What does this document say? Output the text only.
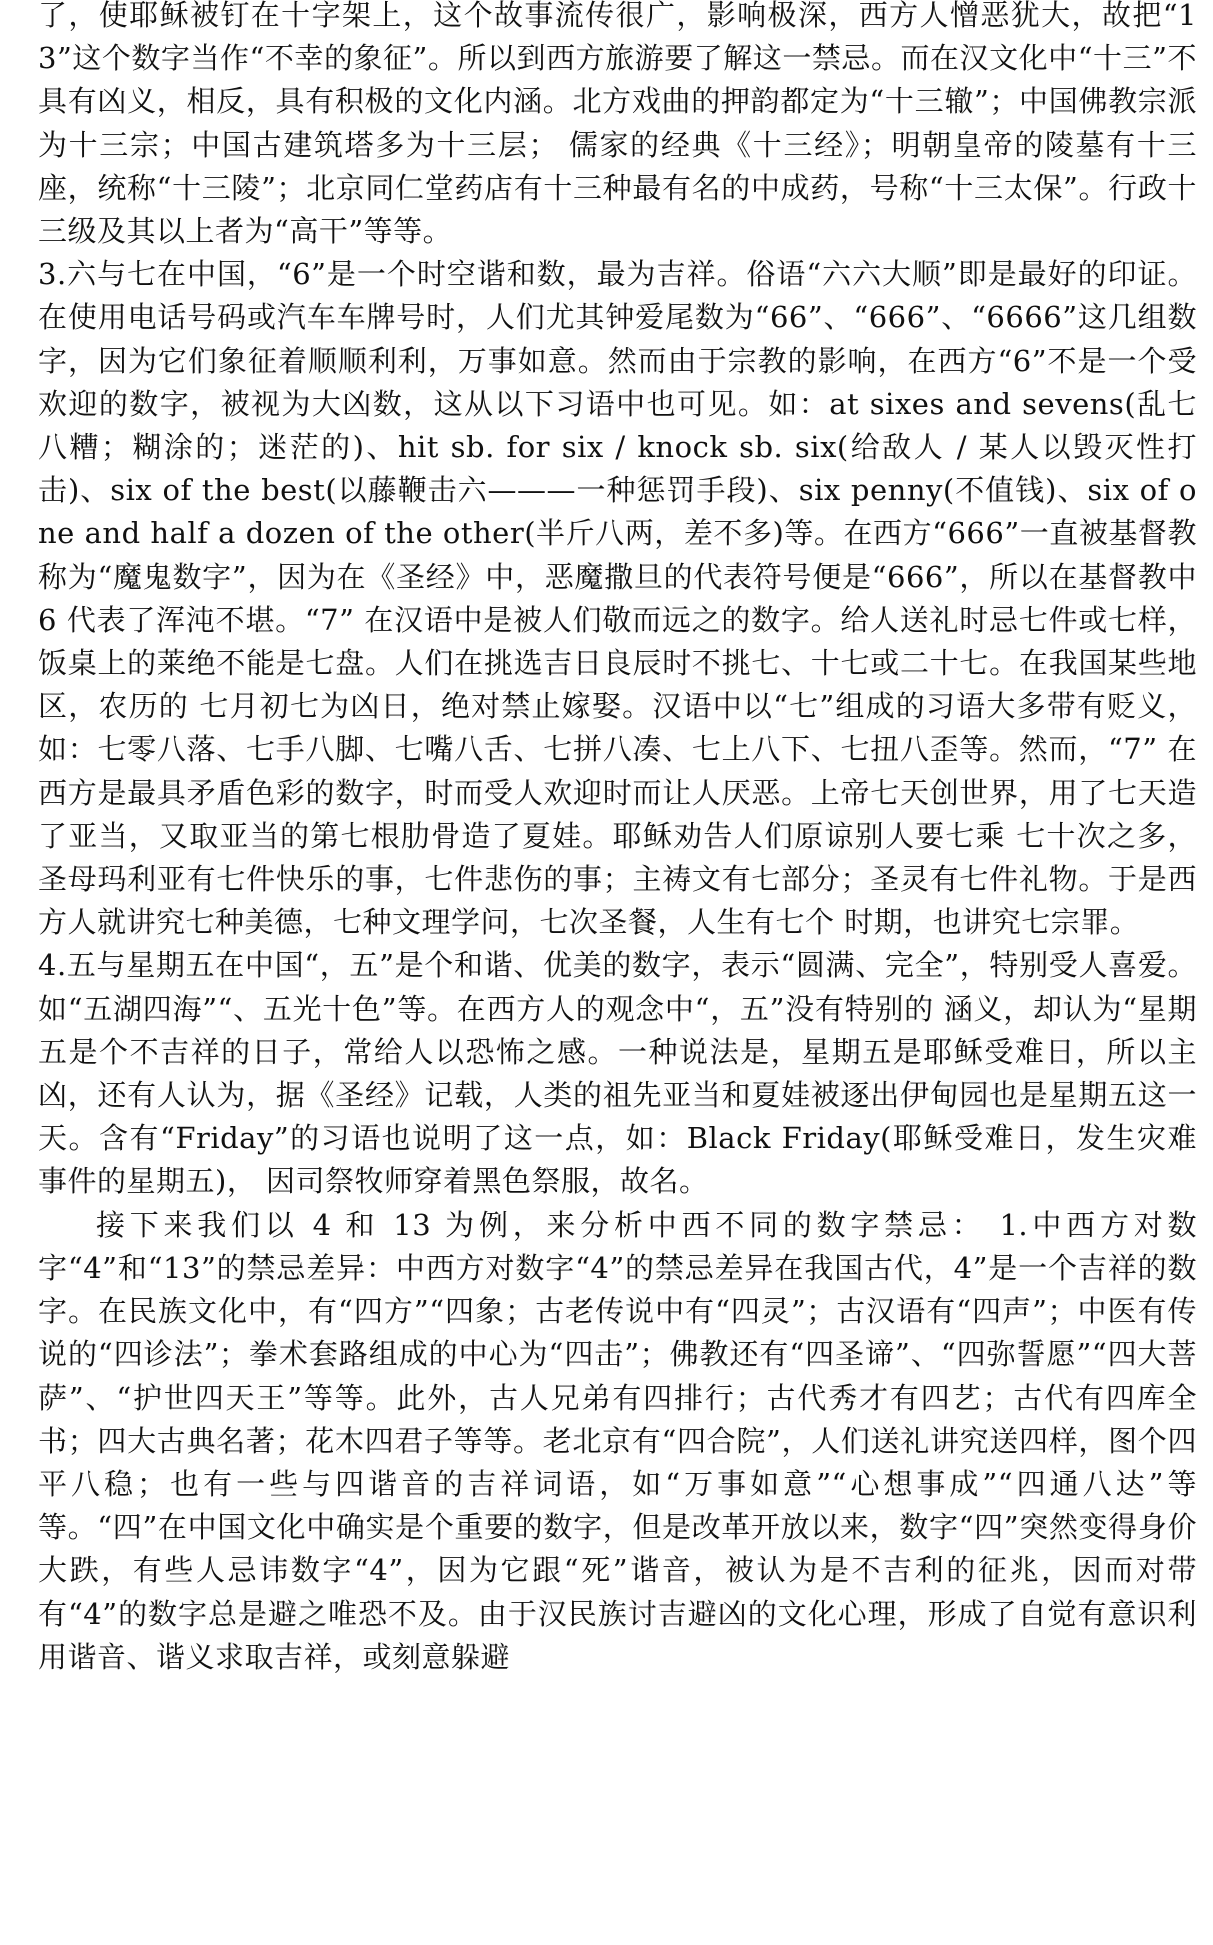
了，使耶稣被钉在十字架上，这个故事流传很广，影响极深，西方人憎恶犹大，故把“13”这个数字当作“不幸的象征”。所以到西方旅游要了解这一禁忌。而在汉文化中“十三”不具有凶义，相反，具有积极的文化内涵。北方戏曲的押韵都定为“十三辙”；中国佛教宗派为十三宗；中国古建筑塔多为十三层； 儒家的经典《十三经》；明朝皇帝的陵墓有十三座，统称“十三陵”；北京同仁堂药店有十三种最有名的中成药，号称“十三太保”。行政十三级及其以上者为“高干”等等。

3.六与七在中国，“6”是一个时空谐和数，最为吉祥。俗语“六六大顺”即是最好的印证。在使用电话号码或汽车车牌号时，人们尤其钟爱尾数为“66”、“666”、“6666”这几组数字，因为它们象征着顺顺利利，万事如意。然而由于宗教的影响，在西方“6”不是一个受欢迎的数字，被视为大凶数，这从以下习语中也可见。如：at sixes and sevens(乱七八糟；糊涂的；迷茫的)、hit sb. for six / knock sb. six(给敌人 / 某人以毁灭性打击)、six of the best(以藤鞭击六———一种惩罚手段)、six penny(不值钱)、six of one and half a dozen of the other(半斤八两，差不多)等。在西方“666”一直被基督教称为“魔鬼数字”，因为在《圣经》中，恶魔撒旦的代表符号便是“666”，所以在基督教中 6 代表了浑沌不堪。“7” 在汉语中是被人们敬而远之的数字。给人送礼时忌七件或七样，饭桌上的莱绝不能是七盘。人们在挑选吉日良辰时不挑七、十七或二十七。在我国某些地区，农历的 七月初七为凶日，绝对禁止嫁娶。汉语中以“七”组成的习语大多带有贬义，如：七零八落、七手八脚、七嘴八舌、七拼八凑、七上八下、七扭八歪等。然而，“7” 在西方是最具矛盾色彩的数字，时而受人欢迎时而让人厌恶。上帝七天创世界，用了七天造了亚当，又取亚当的第七根肋骨造了夏娃。耶稣劝告人们原谅别人要七乘 七十次之多，圣母玛利亚有七件快乐的事，七件悲伤的事；主祷文有七部分；圣灵有七件礼物。于是西方人就讲究七种美德，七种文理学问，七次圣餐，人生有七个 时期，也讲究七宗罪。

4.五与星期五在中国“，五”是个和谐、优美的数字，表示“圆满、完全”，特别受人喜爱。如“五湖四海”“、五光十色”等。在西方人的观念中“，五”没有特别的 涵义，却认为“星期五是个不吉祥的日子，常给人以恐怖之感。一种说法是，星期五是耶稣受难日，所以主凶，还有人认为，据《圣经》记载，人类的祖先亚当和夏娃被逐出伊甸园也是星期五这一天。含有“Friday”的习语也说明了这一点，如：Black Friday(耶稣受难日，发生灾难事件的星期五)， 因司祭牧师穿着黑色祭服，故名。

接下来我们以 4 和 13 为例，来分析中西不同的数字禁忌： 1.中西方对数字“4”和“13”的禁忌差异：中西方对数字“4”的禁忌差异在我国古代，4”是一个吉祥的数字。在民族文化中，有“四方”“四象；古老传说中有“四灵”；古汉语有“四声”；中医有传说的“四诊法”；拳术套路组成的中心为“四击”；佛教还有“四圣谛”、“四弥誓愿”“四大菩萨”、“护世四天王”等等。此外，古人兄弟有四排行；古代秀才有四艺；古代有四库全书；四大古典名著；花木四君子等等。老北京有“四合院”，人们送礼讲究送四样，图个四平八稳；也有一些与四谐音的吉祥词语，如“万事如意”“心想事成”“四通八达”等等。“四”在中国文化中确实是个重要的数字，但是改革开放以来，数字“四”突然变得身价大跌，有些人忌讳数字“4”，因为它跟“死”谐音，被认为是不吉利的征兆，因而对带有“4”的数字总是避之唯恐不及。由于汉民族讨吉避凶的文化心理，形成了自觉有意识利用谐音、谐义求取吉祥，或刻意躲避
